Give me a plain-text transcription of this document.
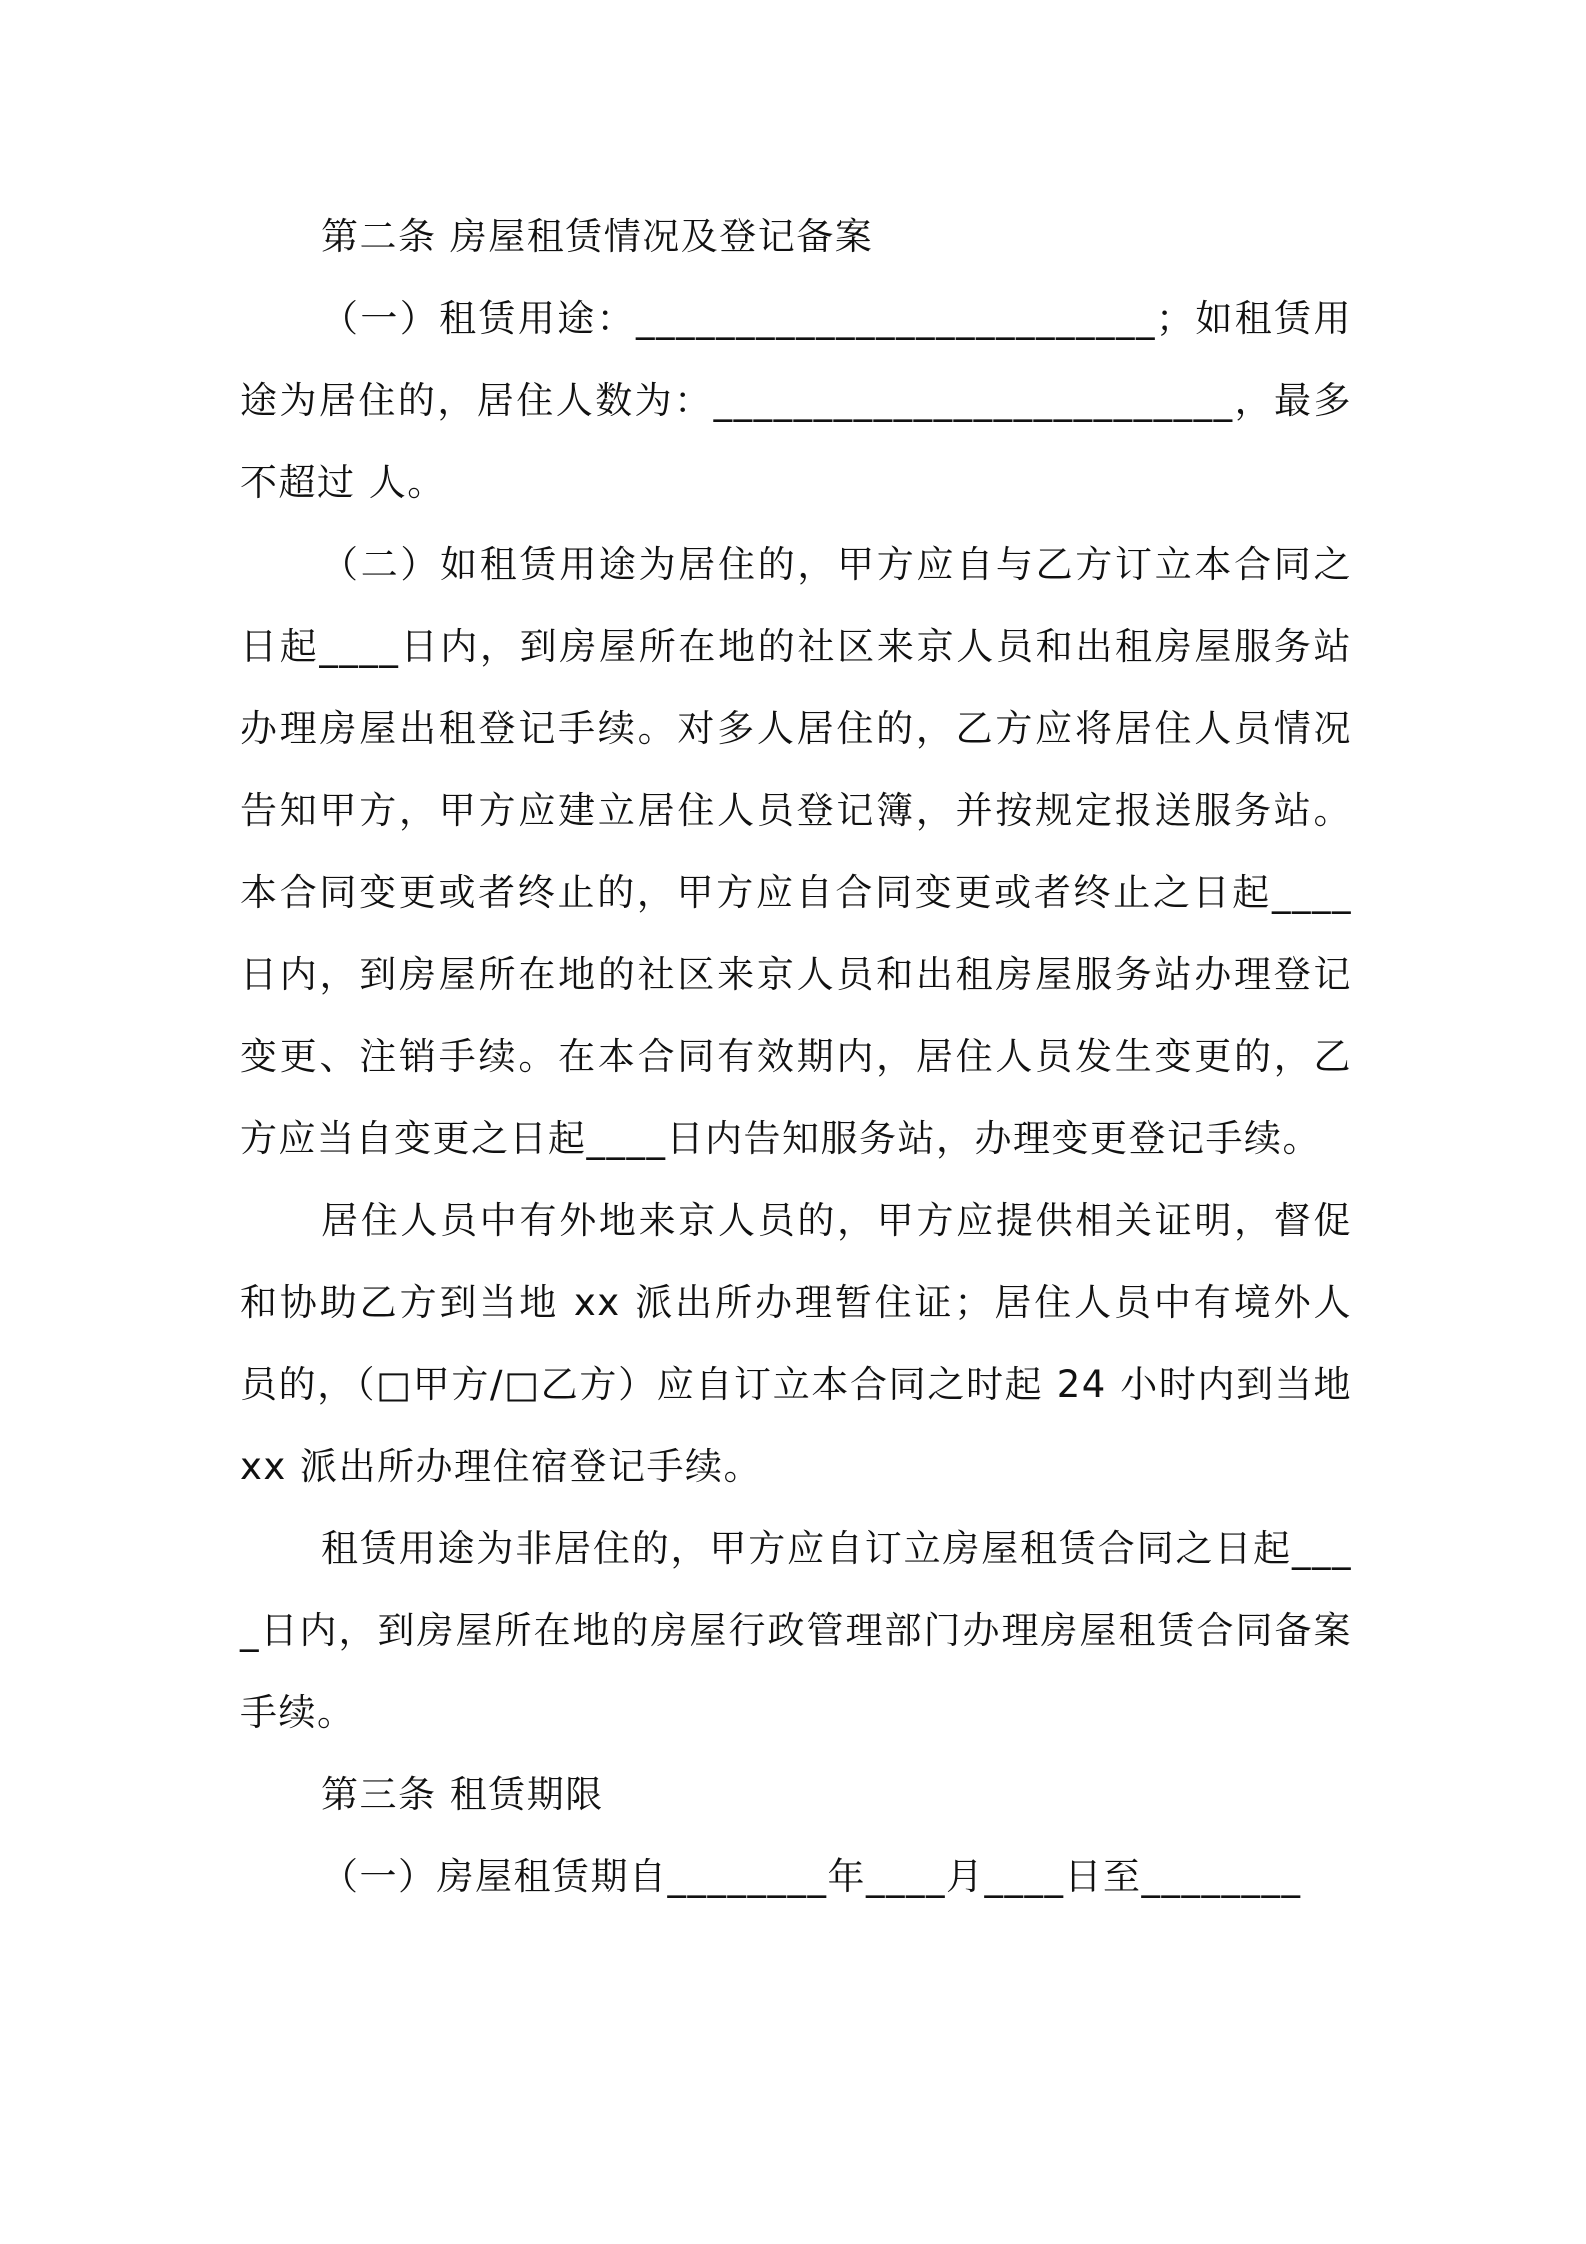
第二条 房屋租赁情况及登记备案

（一）租赁用途：__________________________；如租赁用途为居住的，居住人数为：__________________________，最多不超过 人。

（二）如租赁用途为居住的，甲方应自与乙方订立本合同之日起____日内，到房屋所在地的社区来京人员和出租房屋服务站办理房屋出租登记手续。对多人居住的，乙方应将居住人员情况告知甲方，甲方应建立居住人员登记簿，并按规定报送服务站。本合同变更或者终止的，甲方应自合同变更或者终止之日起____日内，到房屋所在地的社区来京人员和出租房屋服务站办理登记变更、注销手续。在本合同有效期内，居住人员发生变更的，乙方应当自变更之日起____日内告知服务站，办理变更登记手续。

居住人员中有外地来京人员的，甲方应提供相关证明，督促和协助乙方到当地 xx 派出所办理暂住证；居住人员中有境外人员的，（□甲方/□乙方）应自订立本合同之时起 24 小时内到当地 xx 派出所办理住宿登记手续。

租赁用途为非居住的，甲方应自订立房屋租赁合同之日起____日内，到房屋所在地的房屋行政管理部门办理房屋租赁合同备案手续。

第三条 租赁期限

（一）房屋租赁期自________年____月____日至________
